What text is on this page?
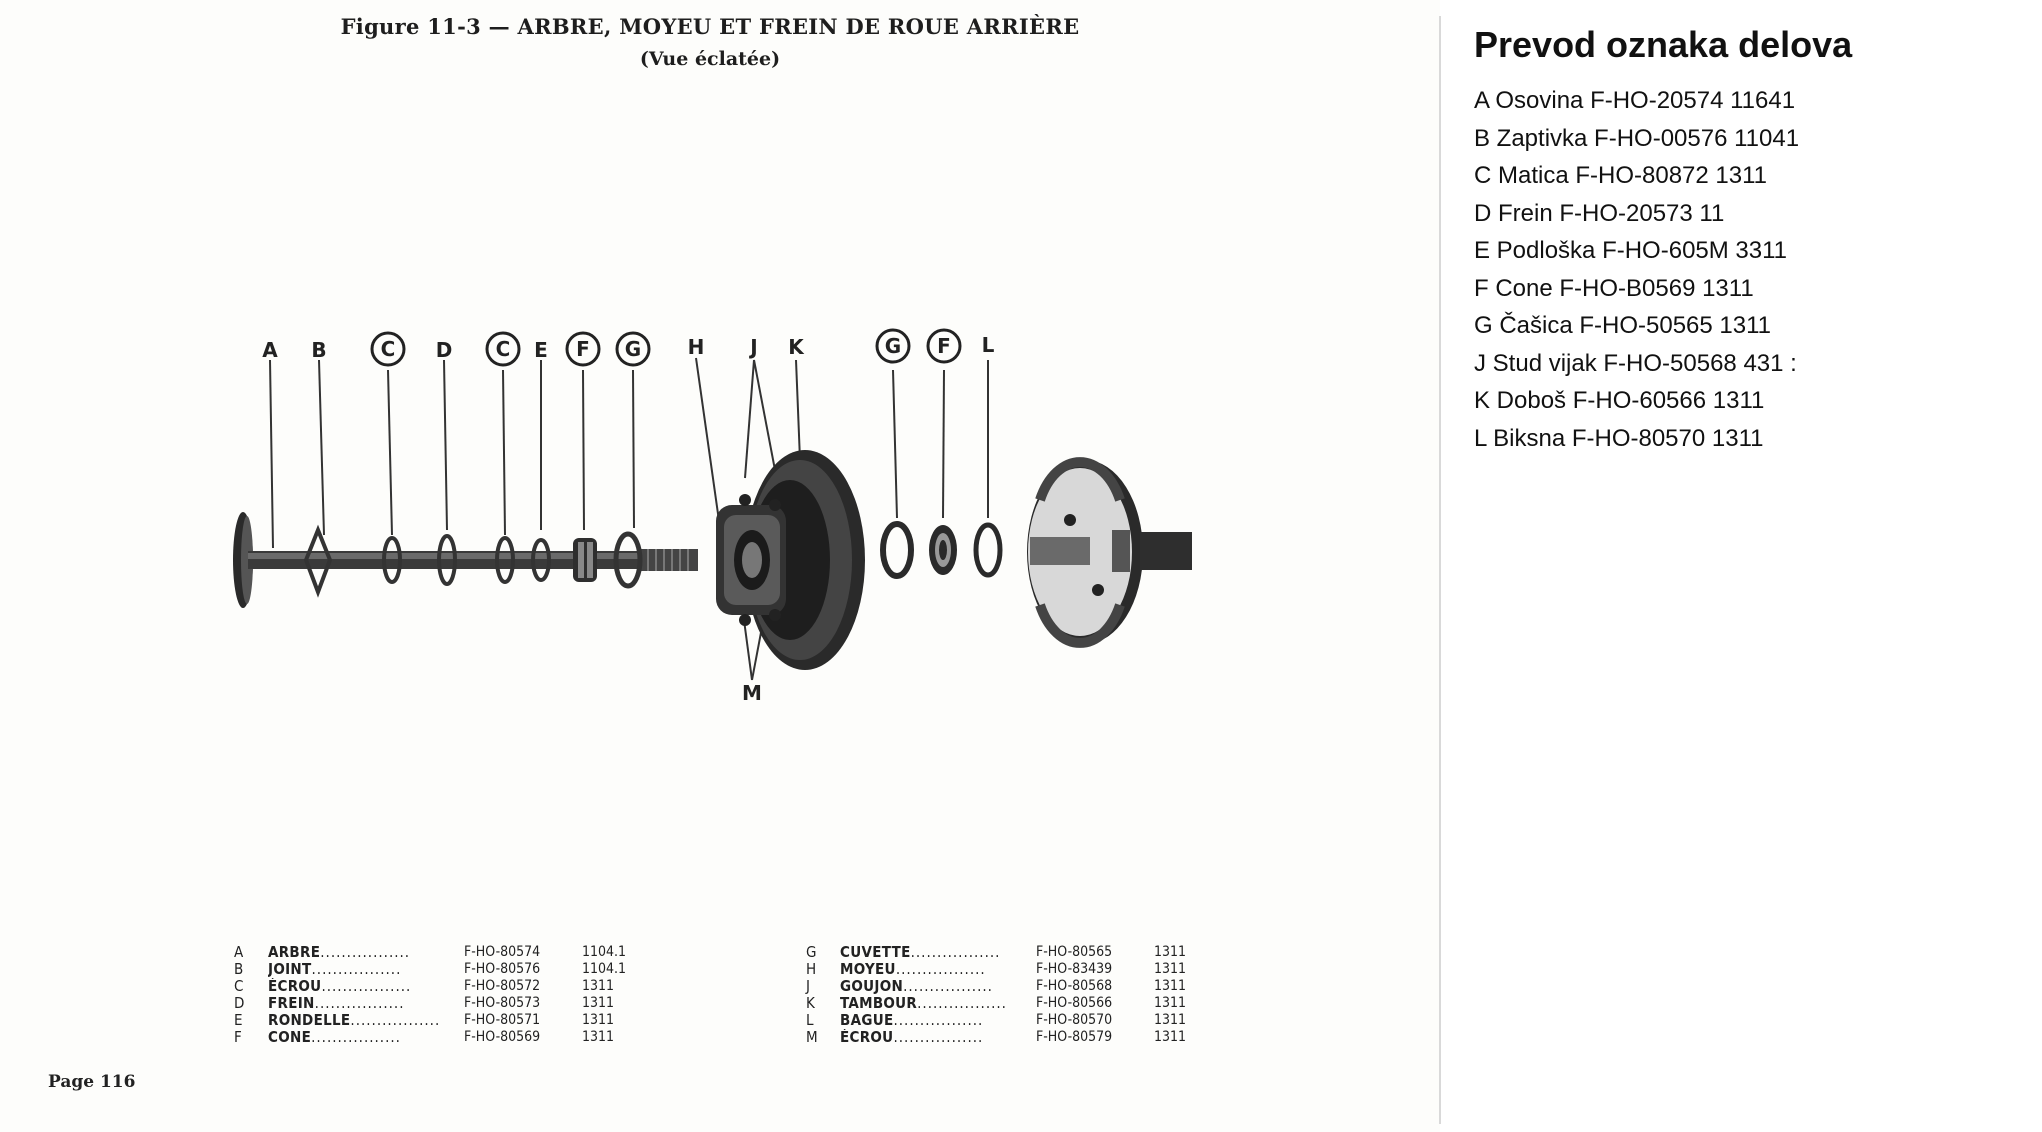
Figure 11-3 — ARBRE, MOYEU ET FREIN DE ROUE ARRIÈRE
(Vue éclatée)
A B	C D C E F G H J K	G F L
M
A	ARBRE.................	F-HO-80574	1104.1
B	JOINT.................	F-HO-80576	1104.1
C	ÉCROU.................	F-HO-80572	1311
D	FREIN.................	F-HO-80573	1311
E	RONDELLE.................	F-HO-80571	1311
F	CONE.................	F-HO-80569	1311
G	CUVETTE.................	F-HO-80565	1311
H	MOYEU.................	F-HO-83439	1311
J	GOUJON.................	F-HO-80568	1311
K	TAMBOUR.................	F-HO-80566	1311
L	BAGUE.................	F-HO-80570	1311
M	ÉCROU.................	F-HO-80579	1311
Page 116
Prevod oznaka delova
A Osovina F-HO-20574 11641
B Zaptivka F-HO-00576 11041
C Matica F-HO-80872 1311
D Frein F-HO-20573 11
E Podloška F-HO-605M 3311
F Cone F-HO-B0569 1311
G Čašica F-HO-50565 1311
J Stud vijak F-HO-50568 431 :
K Doboš F-HO-60566 1311
L Biksna F-HO-80570 1311
